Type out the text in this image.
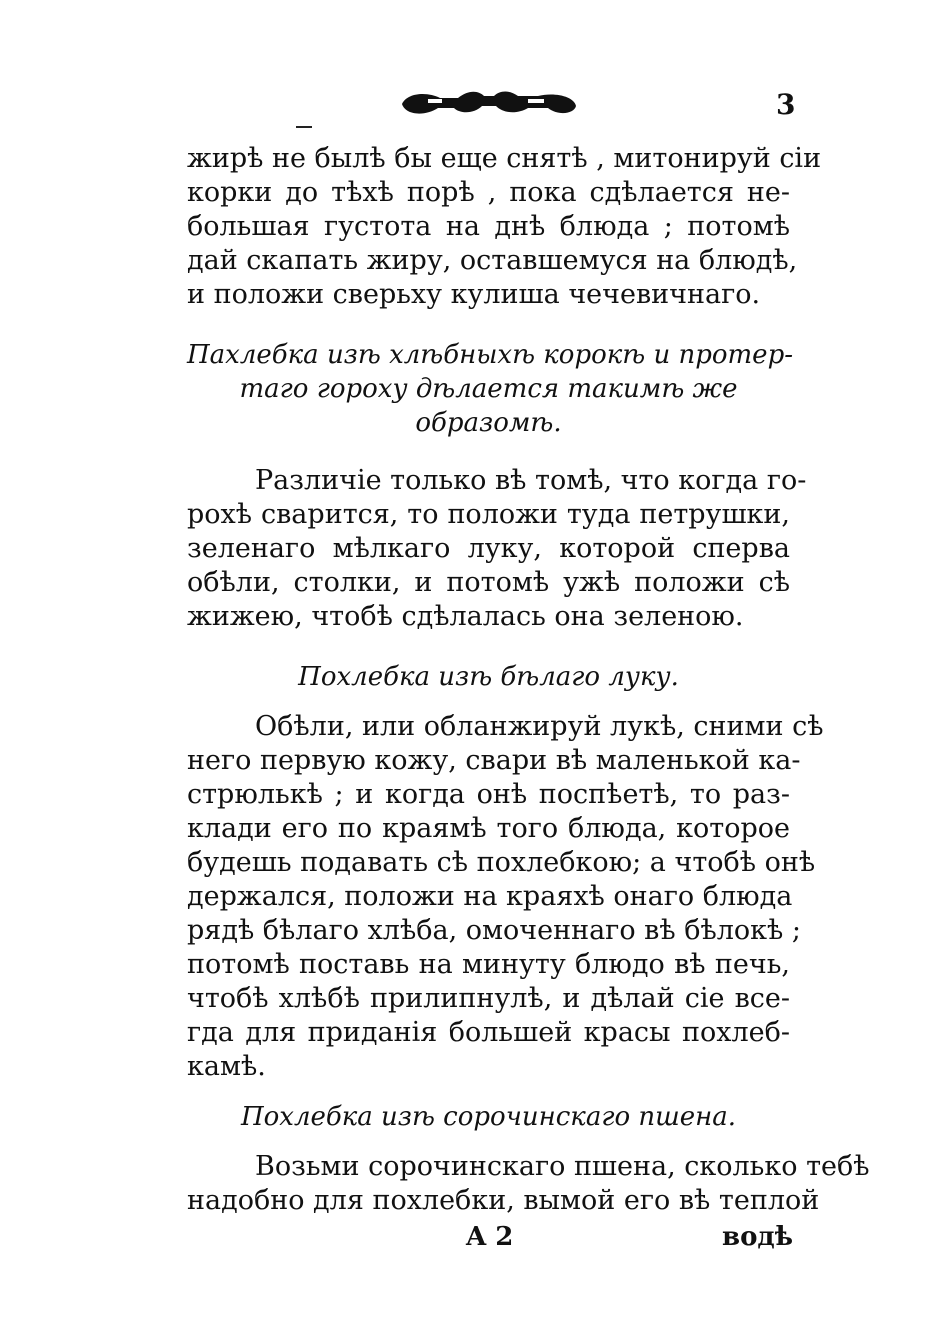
3
жирѣ не былѣ бы еще снятѣ , митонируй сіи
корки до тѣхѣ порѣ , пока сдѣлается не-
большая густота на днѣ блюда ; потомѣ
дай скапать жиру, оставшемуся на блюдѣ,
и положи сверьху кулиша чечевичнаго.
Пахлебка изѣ хлѣбныхѣ корокѣ и протер-
таго гороху дѣлается такимѣ же
образомѣ.
Различіе только вѣ томѣ, что когда го-
рохѣ сварится, то положи туда петрушки,
зеленаго мѣлкаго луку, которой сперва
обѣли, столки, и потомѣ ужѣ положи сѣ
жижею, чтобѣ сдѣлалась она зеленою.
Похлебка изѣ бѣлаго луку.
Обѣли, или обланжируй лукѣ, сними сѣ
него первую кожу, свари вѣ маленькой ка-
стрюлькѣ ; и когда онѣ поспѣетѣ, то раз-
клади его по краямѣ того блюда, которое
будешь подавать сѣ похлебкою; а чтобѣ онѣ
держался, положи на краяхѣ онаго блюда
рядѣ бѣлаго хлѣба, омоченнаго вѣ бѣлокѣ ;
потомѣ поставь на минуту блюдо вѣ печь,
чтобѣ хлѣбѣ прилипнулѣ, и дѣлай сіе все-
гда для приданія большей красы похлеб-
камѣ.
Похлебка изѣ сорочинскаго пшена.
Возьми сорочинскаго пшена, сколько тебѣ
надобно для похлебки, вымой его вѣ теплой
A 2	водѣ
